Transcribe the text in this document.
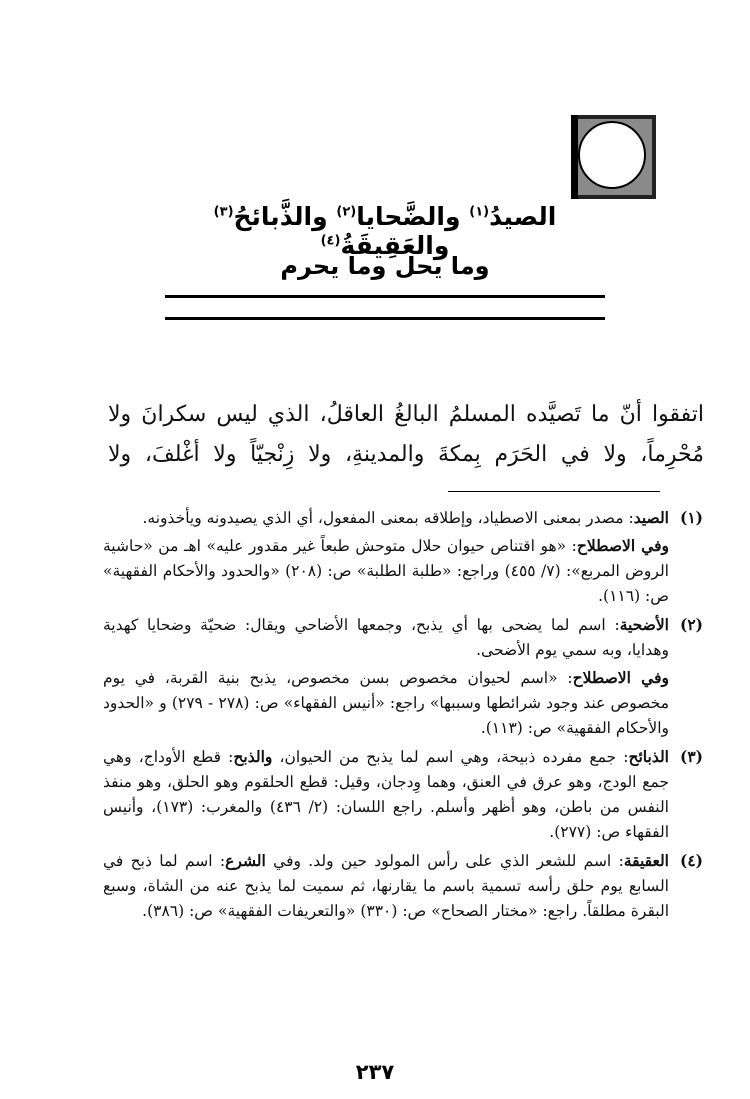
الصيدُ$^{(١)}$ والضَّحايا$^{(٢)}$ والذَّبائحُ$^{(٣)}$ والعَقِيقَةُ$^{(٤)}$
وما يحل وما يحرم

اتفقوا أنّ ما تَصيَّده المسلمُ البالغُ العاقلُ، الذي ليس سكرانَ ولا

مُحْرِماً، ولا في الحَرَم بِمكةَ والمدينةِ، ولا زِنْجيّاً ولا أغْلفَ، ولا

(١)

الصيد: مصدر بمعنى الاصطياد، وإطلاقه بمعنى المفعول، أي الذي يصيدونه ويأخذونه.

وفي الاصطلاح: «هو اقتناص حيوان حلال متوحش طبعاً غير مقدور عليه» اهـ من «حاشية الروض المربع»: (٧/ ٤٥٥) وراجع: «طلبة الطلبة» ص: (٢٠٨) «والحدود والأحكام الفقهية» ص: (١١٦).

(٢)

الأضحية: اسم لما يضحى بها أي يذبح، وجمعها الأضاحي ويقال: ضحيّة وضحايا كهدية وهدايا، وبه سمي يوم الأضحى.

وفي الاصطلاح: «اسم لحيوان مخصوص بسن مخصوص، يذبح بنية القربة، في يوم مخصوص عند وجود شرائطها وسببها» راجع: «أنيس الفقهاء» ص: (٢٧٨ - ٢٧٩) و «الحدود والأحكام الفقهية» ص: (١١٣).

(٣)

الذبائح: جمع مفرده ذبيحة، وهي اسم لما يذبح من الحيوان، والذبح: قطع الأوداج، وهي جمع الودج، وهو عرق في العنق، وهما وِدجان، وقيل: قطع الحلقوم وهو الحلق، وهو منفذ النفس من باطن، وهو أظهر وأسلم. راجع اللسان: (٢/ ٤٣٦) والمغرب: (١٧٣)، وأنيس الفقهاء ص: (٢٧٧).

(٤)

العقيقة: اسم للشعر الذي على رأس المولود حين ولد. وفي الشرع: اسم لما ذبح في السابع يوم حلق رأسه تسمية باسم ما يقارنها، ثم سميت لما يذبح عنه من الشاة، وسبع البقرة مطلقاً. راجع: «مختار الصحاح» ص: (٣٣٠) «والتعريفات الفقهية» ص: (٣٨٦).

٢٣٧
